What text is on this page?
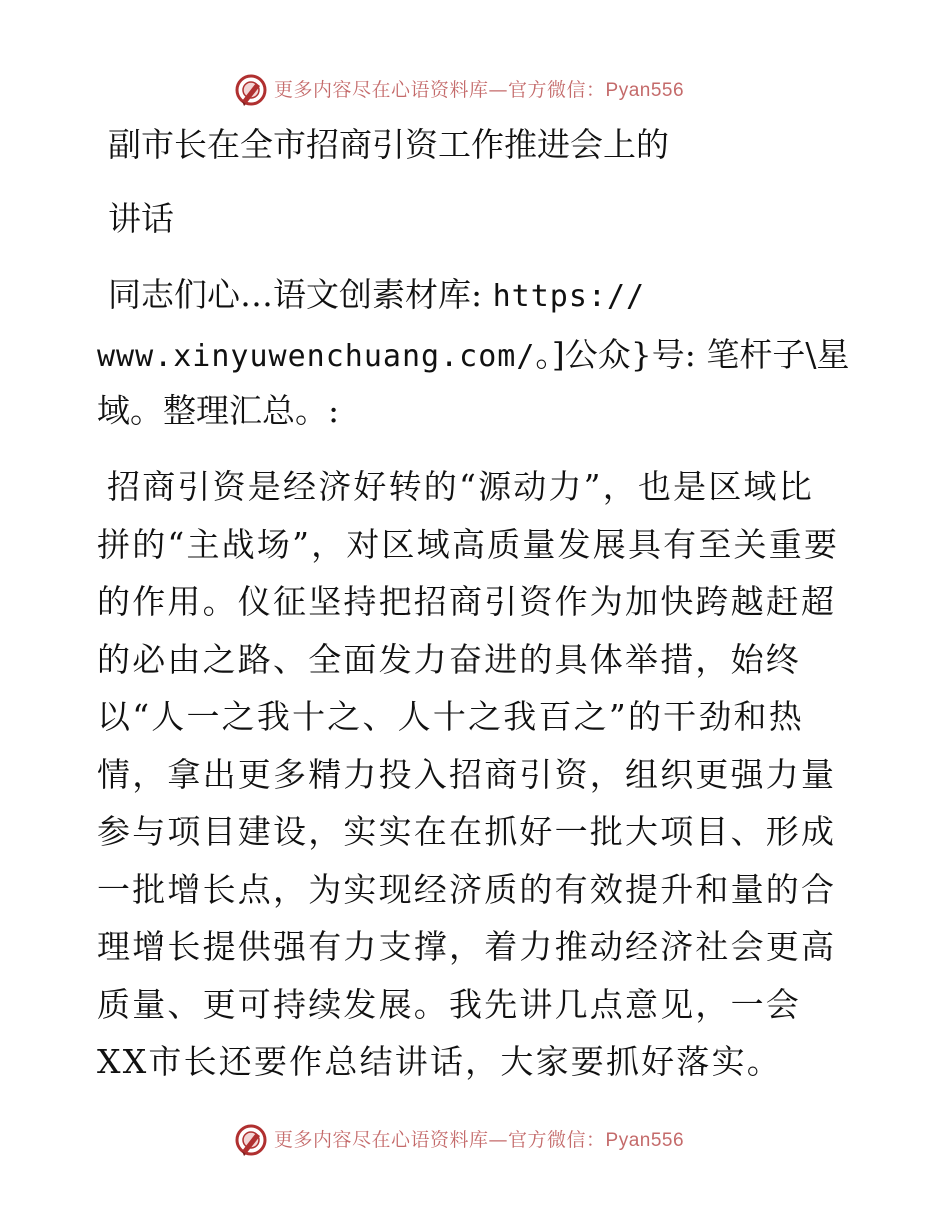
更多内容尽在心语资料库—官方微信：Pyan556
副市长在全市招商引资工作推进会上的
讲话
同志们心…语文创素材库: https://
www.xinyuwenchuang.com/。]公众}号: 笔杆子\星
域。整理汇总。:
招商引资是经济好转的“源动力”，也是区域比拼的“主战场”，对区域高质量发展具有至关重要的作用。仪征坚持把招商引资作为加快跨越赶超的必由之路、全面发力奋进的具体举措，始终以“人一之我十之、人十之我百之”的干劲和热情，拿出更多精力投入招商引资，组织更强力量参与项目建设，实实在在抓好一批大项目、形成一批增长点，为实现经济质的有效提升和量的合理增长提供强有力支撑，着力推动经济社会更高质量、更可持续发展。我先讲几点意见，一会XX市长还要作总结讲话，大家要抓好落实。
更多内容尽在心语资料库—官方微信：Pyan556
